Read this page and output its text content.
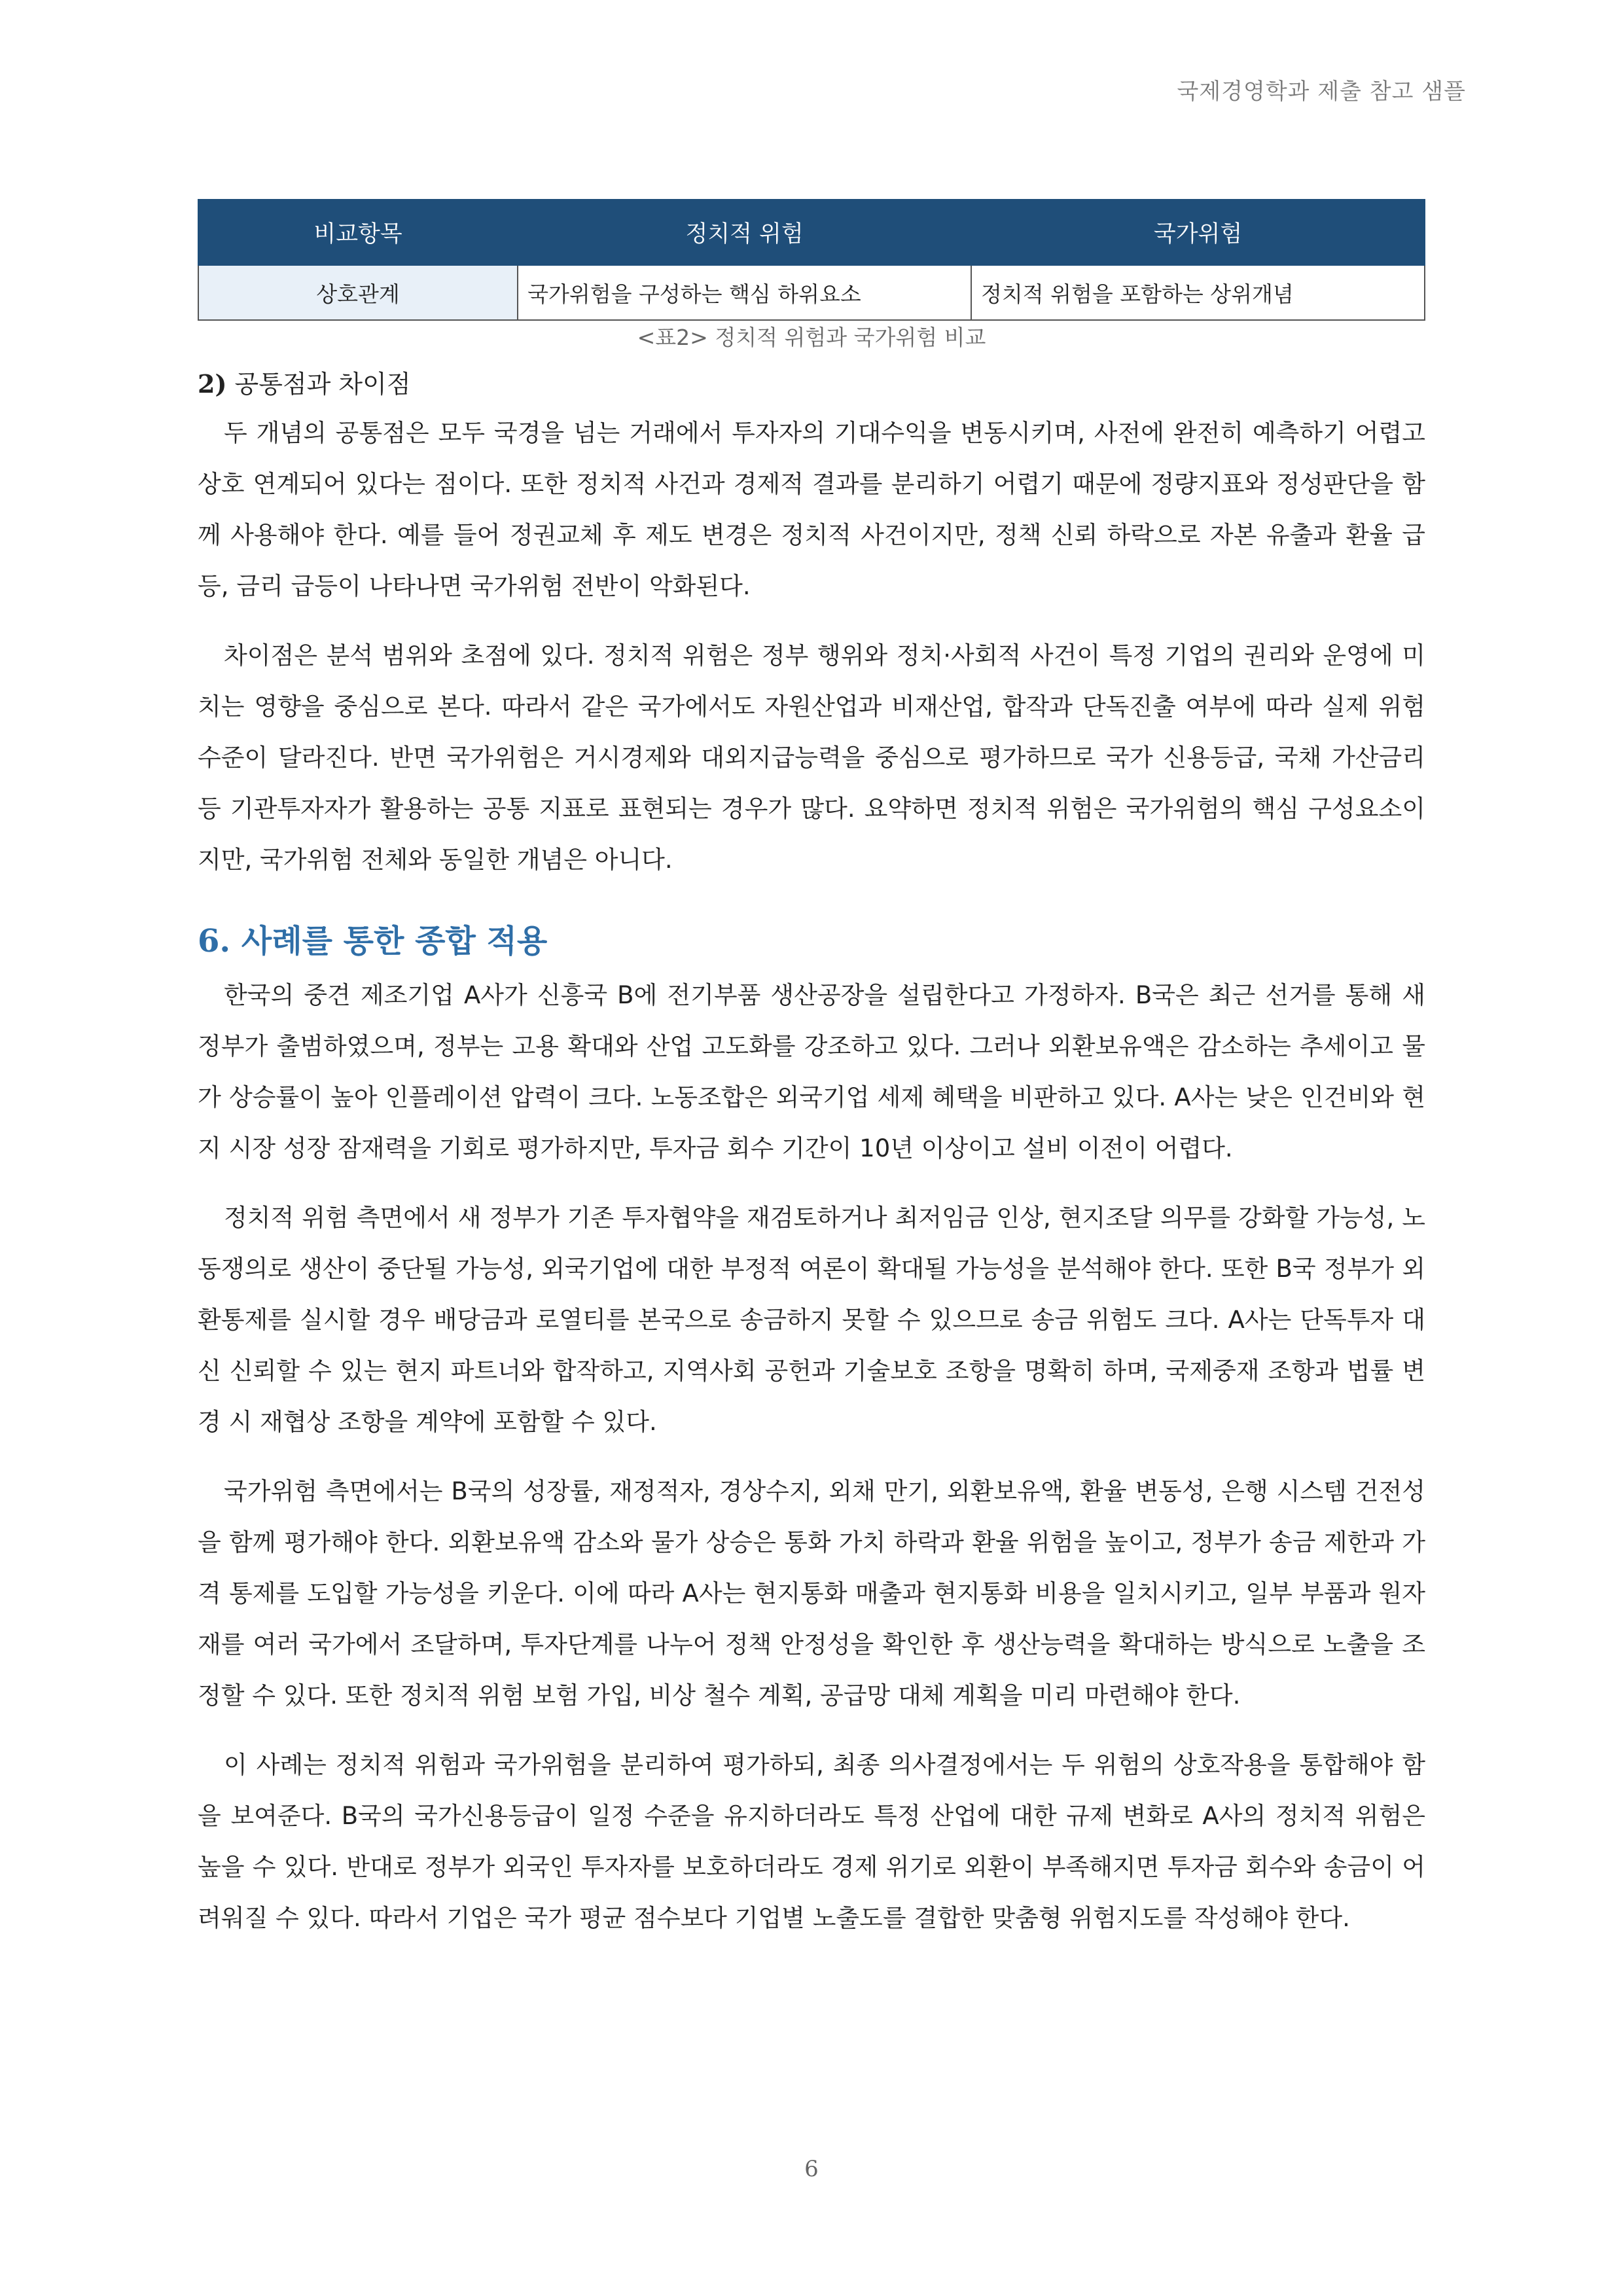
국제경영학과 제출 참고 샘플
비교항목	정치적 위험	국가위험
상호관계	국가위험을 구성하는 핵심 하위요소	정치적 위험을 포함하는 상위개념
<표2> 정치적 위험과 국가위험 비교
2) 공통점과 차이점

두 개념의 공통점은 모두 국경을 넘는 거래에서 투자자의 기대수익을 변동시키며, 사전에 완전히 예측하기 어렵고 상호 연계되어 있다는 점이다. 또한 정치적 사건과 경제적 결과를 분리하기 어렵기 때문에 정량지표와 정성판단을 함께 사용해야 한다. 예를 들어 정권교체 후 제도 변경은 정치적 사건이지만, 정책 신뢰 하락으로 자본 유출과 환율 급등, 금리 급등이 나타나면 국가위험 전반이 악화된다.

차이점은 분석 범위와 초점에 있다. 정치적 위험은 정부 행위와 정치·사회적 사건이 특정 기업의 권리와 운영에 미치는 영향을 중심으로 본다. 따라서 같은 국가에서도 자원산업과 비재산업, 합작과 단독진출 여부에 따라 실제 위험 수준이 달라진다. 반면 국가위험은 거시경제와 대외지급능력을 중심으로 평가하므로 국가 신용등급, 국채 가산금리 등 기관투자자가 활용하는 공통 지표로 표현되는 경우가 많다. 요약하면 정치적 위험은 국가위험의 핵심 구성요소이지만, 국가위험 전체와 동일한 개념은 아니다.

6. 사례를 통한 종합 적용

한국의 중견 제조기업 A사가 신흥국 B에 전기부품 생산공장을 설립한다고 가정하자. B국은 최근 선거를 통해 새 정부가 출범하였으며, 정부는 고용 확대와 산업 고도화를 강조하고 있다. 그러나 외환보유액은 감소하는 추세이고 물가 상승률이 높아 인플레이션 압력이 크다. 노동조합은 외국기업 세제 혜택을 비판하고 있다. A사는 낮은 인건비와 현지 시장 성장 잠재력을 기회로 평가하지만, 투자금 회수 기간이 10년 이상이고 설비 이전이 어렵다.

정치적 위험 측면에서 새 정부가 기존 투자협약을 재검토하거나 최저임금 인상, 현지조달 의무를 강화할 가능성, 노동쟁의로 생산이 중단될 가능성, 외국기업에 대한 부정적 여론이 확대될 가능성을 분석해야 한다. 또한 B국 정부가 외환통제를 실시할 경우 배당금과 로열티를 본국으로 송금하지 못할 수 있으므로 송금 위험도 크다. A사는 단독투자 대신 신뢰할 수 있는 현지 파트너와 합작하고, 지역사회 공헌과 기술보호 조항을 명확히 하며, 국제중재 조항과 법률 변경 시 재협상 조항을 계약에 포함할 수 있다.

국가위험 측면에서는 B국의 성장률, 재정적자, 경상수지, 외채 만기, 외환보유액, 환율 변동성, 은행 시스템 건전성을 함께 평가해야 한다. 외환보유액 감소와 물가 상승은 통화 가치 하락과 환율 위험을 높이고, 정부가 송금 제한과 가격 통제를 도입할 가능성을 키운다. 이에 따라 A사는 현지통화 매출과 현지통화 비용을 일치시키고, 일부 부품과 원자재를 여러 국가에서 조달하며, 투자단계를 나누어 정책 안정성을 확인한 후 생산능력을 확대하는 방식으로 노출을 조정할 수 있다. 또한 정치적 위험 보험 가입, 비상 철수 계획, 공급망 대체 계획을 미리 마련해야 한다.

이 사례는 정치적 위험과 국가위험을 분리하여 평가하되, 최종 의사결정에서는 두 위험의 상호작용을 통합해야 함을 보여준다. B국의 국가신용등급이 일정 수준을 유지하더라도 특정 산업에 대한 규제 변화로 A사의 정치적 위험은 높을 수 있다. 반대로 정부가 외국인 투자자를 보호하더라도 경제 위기로 외환이 부족해지면 투자금 회수와 송금이 어려워질 수 있다. 따라서 기업은 국가 평균 점수보다 기업별 노출도를 결합한 맞춤형 위험지도를 작성해야 한다.

6
